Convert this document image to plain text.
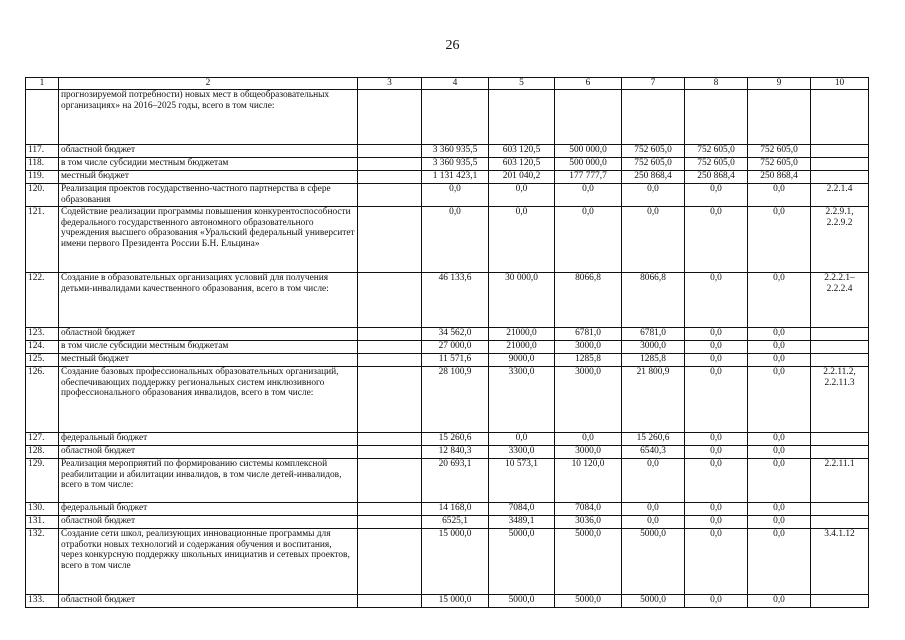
26
1	2	3	4	5	6	7	8	9	10
	прогнозируемой потребности) новых мест в общеобразовательных организациях» на 2016–2025 годы, всего в том числе:								
117.	областной бюджет		3 360 935,5	603 120,5	500 000,0	752 605,0	752 605,0	752 605,0	
118.	в том числе субсидии местным бюджетам		3 360 935,5	603 120,5	500 000,0	752 605,0	752 605,0	752 605,0	
119.	местный бюджет		1 131 423,1	201 040,2	177 777,7	250 868,4	250 868,4	250 868,4	
120.	Реализация проектов государственно-частного партнерства в сфере образования		0,0	0,0	0,0	0,0	0,0	0,0	2.2.1.4
121.	Содействие реализации программы повышения конкурентоспособности федерального государственного автономного образовательного учреждения высшего образования «Уральский федеральный университет имени первого Президента России Б.Н. Ельцина»		0,0	0,0	0,0	0,0	0,0	0,0	2.2.9.1, 2.2.9.2
122.	Создание в образовательных организациях условий для получения детьми-инвалидами качественного образования, всего в том числе:		46 133,6	30 000,0	8066,8	8066,8	0,0	0,0	2.2.2.1–2.2.2.4
123.	областной бюджет		34 562,0	21000,0	6781,0	6781,0	0,0	0,0	
124.	в том числе субсидии местным бюджетам		27 000,0	21000,0	3000,0	3000,0	0,0	0,0	
125.	местный бюджет		11 571,6	9000,0	1285,8	1285,8	0,0	0,0	
126.	Создание базовых профессиональных образовательных организаций, обеспечивающих поддержку региональных систем инклюзивного профессионального образования инвалидов, всего в том числе:		28 100,9	3300,0	3000,0	21 800,9	0,0	0,0	2.2.11.2, 2.2.11.3
127.	федеральный бюджет		15 260,6	0,0	0,0	15 260,6	0,0	0,0	
128.	областной бюджет		12 840,3	3300,0	3000,0	6540,3	0,0	0,0	
129.	Реализация мероприятий по формированию системы комплексной реабилитации и абилитации инвалидов, в том числе детей-инвалидов, всего в том числе:		20 693,1	10 573,1	10 120,0	0,0	0,0	0,0	2.2.11.1
130.	федеральный бюджет		14 168,0	7084,0	7084,0	0,0	0,0	0,0	
131.	областной бюджет		6525,1	3489,1	3036,0	0,0	0,0	0,0	
132.	Создание сети школ, реализующих инновационные программы для отработки новых технологий и содержания обучения и воспитания, через конкурсную поддержку школьных инициатив и сетевых проектов, всего в том числе		15 000,0	5000,0	5000,0	5000,0	0,0	0,0	3.4.1.12
133.	областной бюджет		15 000,0	5000,0	5000,0	5000,0	0,0	0,0	
